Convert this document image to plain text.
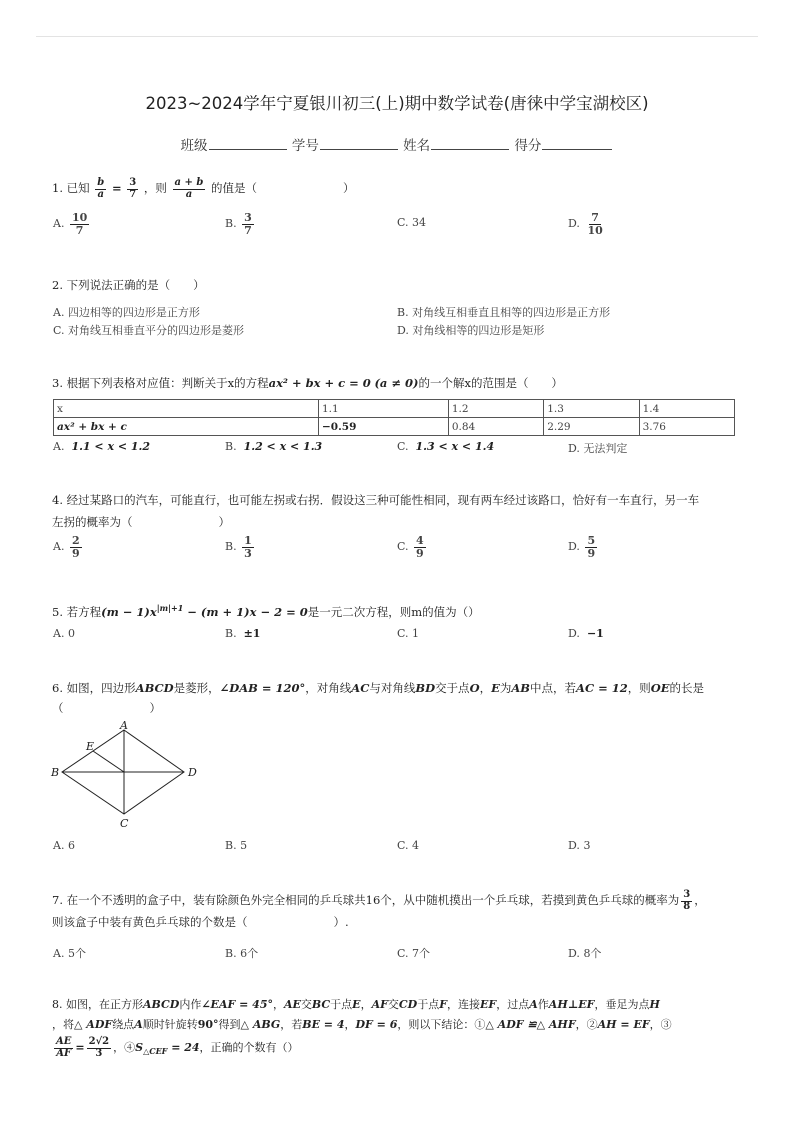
2023~2024学年宁夏银川初三(上)期中数学试卷(唐徕中学宝湖校区)
班级	学号	姓名	得分
1. 已知 $\frac{b}{a} = \frac{3}{7}$ ，则 $\frac{a + b}{a}$ 的值是（	）
A. $\frac{10}{7}$	B. $\frac{3}{7}$	C. 34	D. $\frac{7}{10}$
2. 下列说法正确的是（　　）
A. 四边相等的四边形是正方形	B. 对角线互相垂直且相等的四边形是正方形
C. 对角线互相垂直平分的四边形是菱形	D. 对角线相等的四边形是矩形
3. 根据下列表格对应值：判断关于x的方程ax² + bx + c = 0 (a ≠ 0)的一个解x的范围是（　　）
x	1.1	1.2	1.3	1.4
ax² + bx + c	−0.59	0.84	2.29	3.76
A. 1.1 < x < 1.2	B. 1.2 < x < 1.3	C. 1.3 < x < 1.4	D. 无法判定
4. 经过某路口的汽车，可能直行，也可能左拐或右拐．假设这三种可能性相同，现有两车经过该路口，恰好有一车直行，另一车
左拐的概率为（	）
A. $\frac{2}{9}$	B. $\frac{1}{3}$	C. $\frac{4}{9}$	D. $\frac{5}{9}$
5. 若方程$(m - 1)x^{|m|+1} - (m + 1)x - 2 = 0$是一元二次方程，则m的值为（）
A. 0	B. ±1	C. 1	D. −1
6. 如图，四边形ABCD是菱形，∠DAB = 120°，对角线AC与对角线BD交于点O，E为AB中点，若AC = 12，则OE的长是
（	）
A
B
C
D
E
A. 6	B. 5	C. 4	D. 3
7. 在一个不透明的盒子中，装有除颜色外完全相同的乒乓球共16个，从中随机摸出一个乒乓球，若摸到黄色乒乓球的概率为 $\frac{3}{8}$ ，
则该盒子中装有黄色乒乓球的个数是（	）.
A. 5个	B. 6个	C. 7个	D. 8个
8. 如图，在正方形ABCD内作∠EAF = 45°，AE交BC于点E，AF交CD于点F，连接EF，过点A作AH⊥EF，垂足为点H
，将△ ADF绕点A顺时针旋转90°得到△ ABG，若BE = 4，DF = 6，则以下结论：①△ ADF ≌△ AHF，②AH = EF，③
$\frac{AE}{AF} = \frac{2√2}{3}$ ，$④S_{\triangle CEF} = 24$，正确的个数有（）
